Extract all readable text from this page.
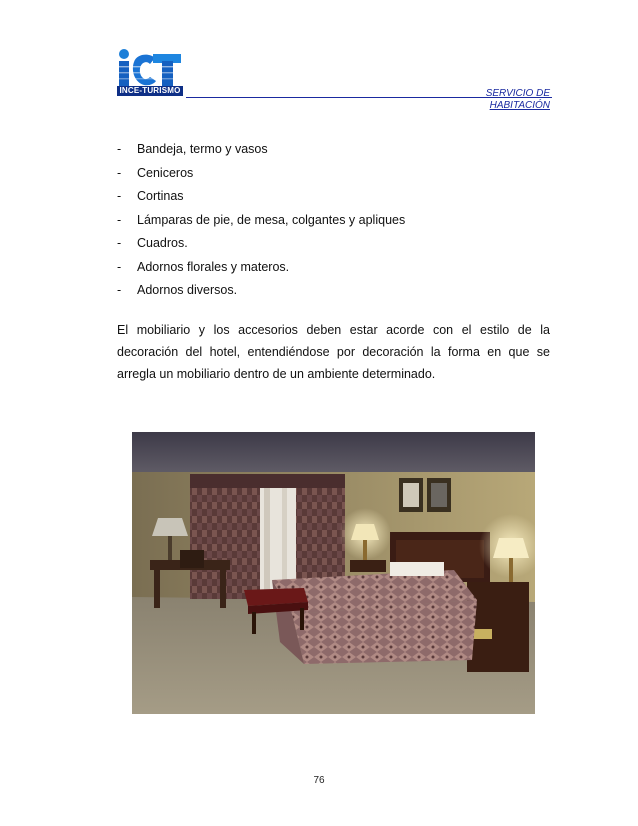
INCE-TURISMO	SERVICIO DE
HABITACIÓN
-	Bandeja, termo y vasos
-	Ceniceros
-	Cortinas
-	Lámparas de pie, de mesa, colgantes y apliques
-	Cuadros.
-	Adornos florales y materos.
-	Adornos diversos.

El mobiliario y los accesorios deben estar acorde con el estilo de la decoración del hotel, entendiéndose por decoración la forma en que se arregla un mobiliario dentro de un ambiente determinado.

76
